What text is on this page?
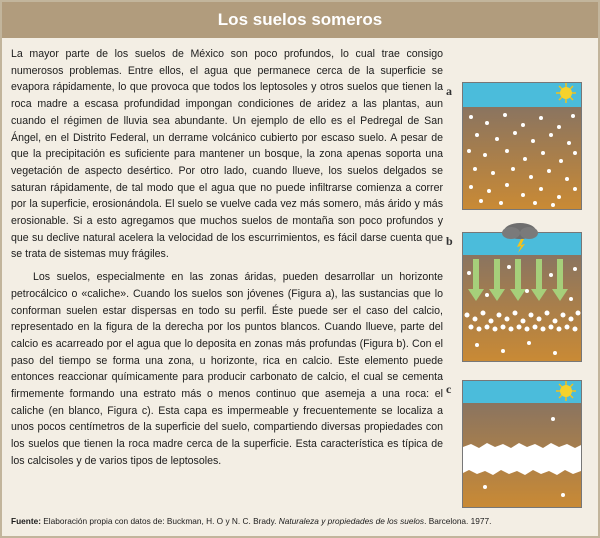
Los suelos someros

La mayor parte de los suelos de México son poco profundos, lo cual trae consigo numerosos problemas. Entre ellos, el agua que permanece cerca de la superficie se evapora rápidamente, lo que provoca que todos los leptosoles y otros suelos que tienen la roca madre a escasa profundidad impongan condiciones de aridez a las plantas, aun cuando el régimen de lluvia sea abundante. Un ejemplo de ello es el Pedregal de San Ángel, en el Distrito Federal, un derrame volcánico cubierto por escaso suelo. A pesar de que la precipitación es suficiente para mantener un bosque, la zona apenas soporta una vegetación de aspecto desértico. Por otro lado, cuando llueve, los suelos delgados se saturan rápidamente, de tal modo que el agua que no puede infiltrarse comienza a correr por la superficie, erosionándola. El suelo se vuelve cada vez más somero, más árido y más erosionable. Si a esto agregamos que muchos suelos de montaña son poco profundos y que su declive natural acelera la velocidad de los escurrimientos, es fácil darse cuenta que se trata de sistemas muy frágiles.

Los suelos, especialmente en las zonas áridas, pueden desarrollar un horizonte petrocálcico o «caliche». Cuando los suelos son jóvenes (Figura a), las sustancias que lo conforman suelen estar dispersas en todo su perfil. Éste puede ser el caso del calcio, representado en la figura de la derecha por los puntos blancos. Cuando llueve, parte del calcio es acarreado por el agua que lo deposita en zonas más profundas (Figura b). Con el paso del tiempo se forma una zona, u horizonte, rica en calcio. Este elemento puede entonces reaccionar químicamente para producir carbonato de calcio, el cual se cementa firmemente formando una estrato más o menos continuo que asemeja a una roca: el caliche (en blanco, Figura c). Esta capa es impermeable y frecuentemente se localiza a unos pocos centímetros de la superficie del suelo, compartiendo diversas propiedades con los suelos que tienen la roca madre cerca de la superficie. Esta característica es típica de los calcisoles y de varios tipos de leptosoles.

a
b
c
Fuente: Elaboración propia con datos de: Buckman, H. O y N. C. Brady. Naturaleza y propiedades de los suelos. Barcelona. 1977.
